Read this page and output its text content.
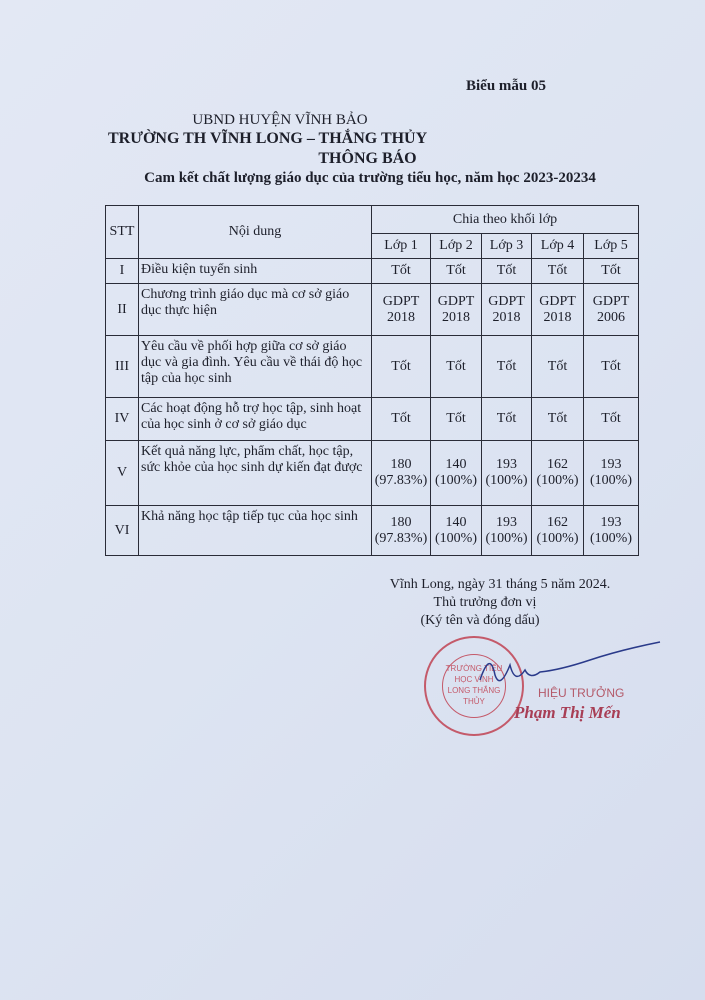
Biểu mẫu 05
UBND HUYỆN VĨNH BẢO
TRƯỜNG TH VĨNH LONG – THẮNG THỦY
THÔNG BÁO
Cam kết chất lượng giáo dục của trường tiểu học, năm học 2023-20234
STT	Nội dung	Chia theo khối lớp				
		Lớp 1	Lớp 2	Lớp 3	Lớp 4	Lớp 5
I	Điều kiện tuyển sinh	Tốt	Tốt	Tốt	Tốt	Tốt
II	Chương trình giáo dục mà cơ sở giáo dục thực hiện	GDPT 2018	GDPT 2018	GDPT 2018	GDPT 2018	GDPT 2006
III	Yêu cầu về phối hợp giữa cơ sở giáo dục và gia đình. Yêu cầu về thái độ học tập của học sinh	Tốt	Tốt	Tốt	Tốt	Tốt
IV	Các hoạt động hỗ trợ học tập, sinh hoạt của học sinh ở cơ sở giáo dục	Tốt	Tốt	Tốt	Tốt	Tốt
V	Kết quả năng lực, phẩm chất, học tập, sức khỏe của học sinh dự kiến đạt được	180 (97.83%)	140 (100%)	193 (100%)	162 (100%)	193 (100%)
VI	Khả năng học tập tiếp tục của học sinh	180 (97.83%)	140 (100%)	193 (100%)	162 (100%)	193 (100%)
Vĩnh Long, ngày 31 tháng 5 năm 2024.
Thủ trưởng đơn vị
(Ký tên và đóng dấu)
TRƯỜNG TIỂU HỌC VĨNH LONG THẮNG THỦY
HIỆU TRƯỞNG
Phạm Thị Mến
